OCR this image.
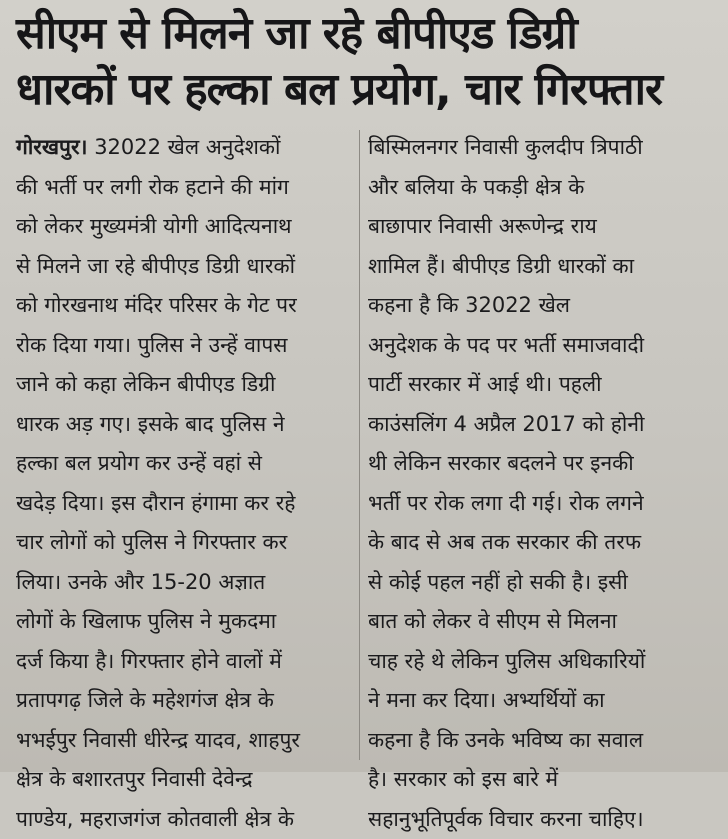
सीएम से मिलने जा रहे बीपीएड डिग्री
धारकों पर हल्का बल प्रयोग, चार गिरफ्तार
गोरखपुर। 32022 खेल अनुदेशकों
की भर्ती पर लगी रोक हटाने की मांग
को लेकर मुख्यमंत्री योगी आदित्यनाथ
से मिलने जा रहे बीपीएड डिग्री धारकों
को गोरखनाथ मंदिर परिसर के गेट पर
रोक दिया गया। पुलिस ने उन्हें वापस
जाने को कहा लेकिन बीपीएड डिग्री
धारक अड़ गए। इसके बाद पुलिस ने
हल्का बल प्रयोग कर उन्हें वहां से
खदेड़ दिया। इस दौरान हंगामा कर रहे
चार लोगों को पुलिस ने गिरफ्तार कर
लिया। उनके और 15-20 अज्ञात
लोगों के खिलाफ पुलिस ने मुकदमा
दर्ज किया है। गिरफ्तार होने वालों में
प्रतापगढ़ जिले के महेशगंज क्षेत्र के
भभईपुर निवासी धीरेन्द्र यादव, शाहपुर
क्षेत्र के बशारतपुर निवासी देवेन्द्र
पाण्डेय, महराजगंज कोतवाली क्षेत्र के
बिस्मिलनगर निवासी कुलदीप त्रिपाठी
और बलिया के पकड़ी क्षेत्र के
बाछापार निवासी अरूणेन्द्र राय
शामिल हैं। बीपीएड डिग्री धारकों का
कहना है कि 32022 खेल
अनुदेशक के पद पर भर्ती समाजवादी
पार्टी सरकार में आई थी। पहली
काउंसलिंग 4 अप्रैल 2017 को होनी
थी लेकिन सरकार बदलने पर इनकी
भर्ती पर रोक लगा दी गई। रोक लगने
के बाद से अब तक सरकार की तरफ
से कोई पहल नहीं हो सकी है। इसी
बात को लेकर वे सीएम से मिलना
चाह रहे थे लेकिन पुलिस अधिकारियों
ने मना कर दिया। अभ्यर्थियों का
कहना है कि उनके भविष्य का सवाल
है। सरकार को इस बारे में
सहानुभूतिपूर्वक विचार करना चाहिए।
